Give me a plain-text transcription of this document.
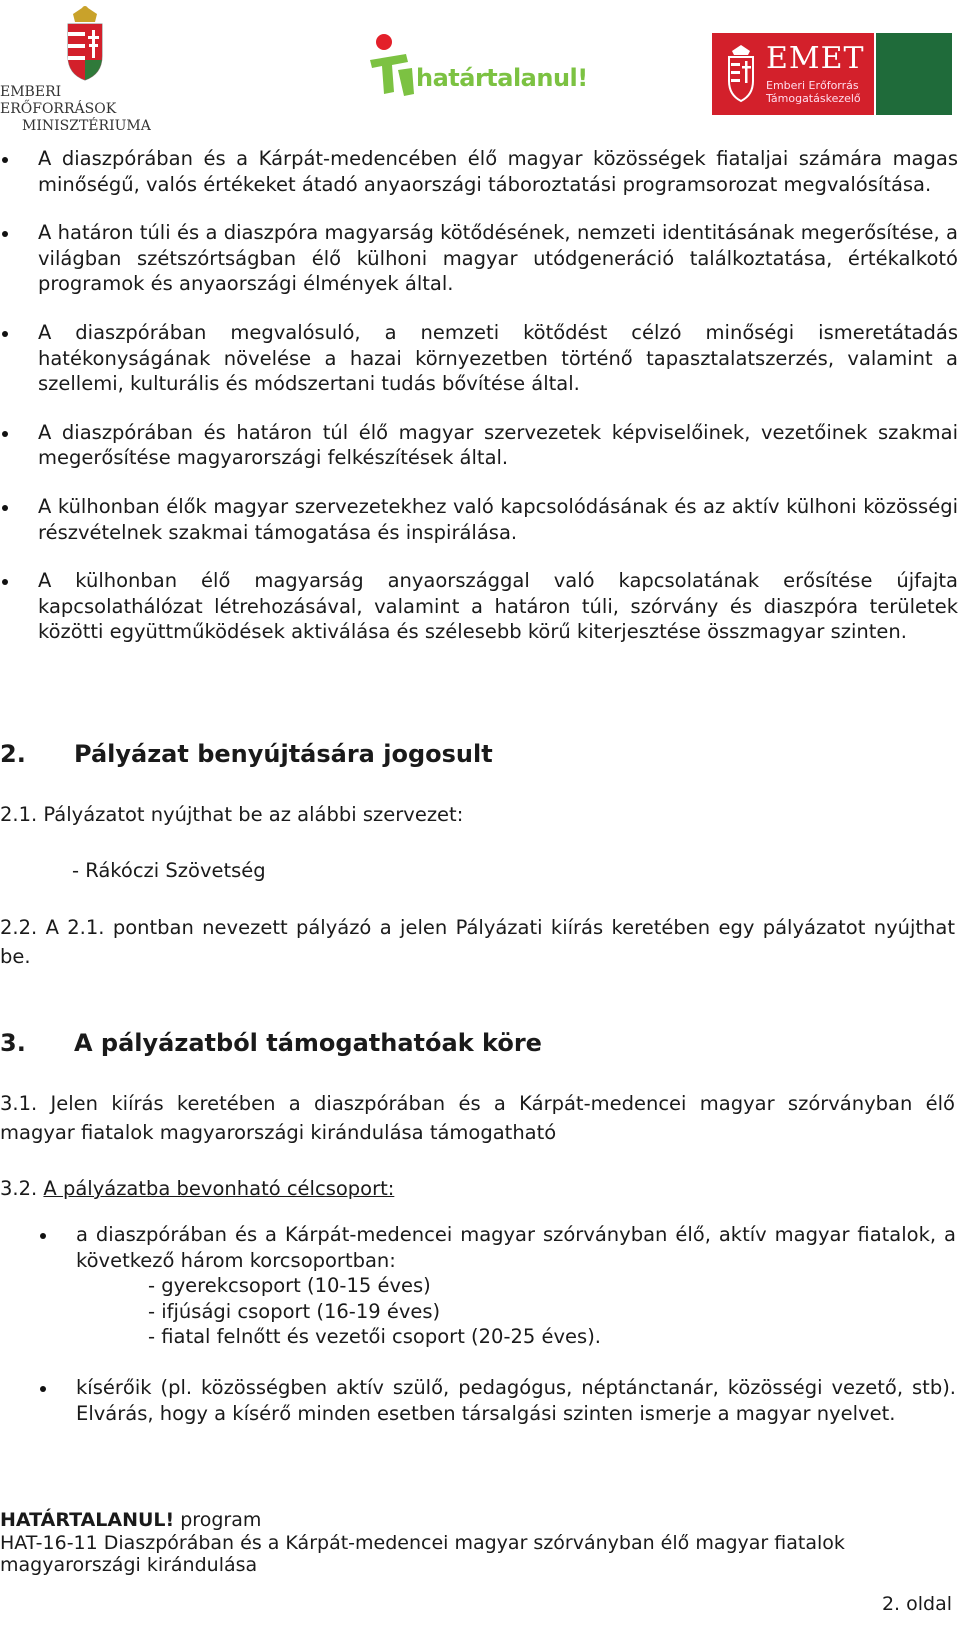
EMBERI ERŐFORRÁSOK
MINISZTÉRIUMA
határtalanul!
EMET
Emberi Erőforrás
Támogatáskezelő
A diaszpórában és a Kárpát-medencében élő magyar közösségek fiataljai számára magas minőségű, valós értékeket átadó anyaországi táboroztatási programsorozat megvalósítása.
A határon túli és a diaszpóra magyarság kötődésének, nemzeti identitásának megerősítése, a világban szétszórtságban élő külhoni magyar utódgeneráció találkoztatása, értékalkotó programok és anyaországi élmények által.
A diaszpórában megvalósuló, a nemzeti kötődést célzó minőségi ismeretátadás hatékonyságának növelése a hazai környezetben történő tapasztalatszerzés, valamint a szellemi, kulturális és módszertani tudás bővítése által.
A diaszpórában és határon túl élő magyar szervezetek képviselőinek, vezetőinek szakmai megerősítése magyarországi felkészítések által.
A külhonban élők magyar szervezetekhez való kapcsolódásának és az aktív külhoni közösségi részvételnek szakmai támogatása és inspirálása.
A külhonban élő magyarság anyaországgal való kapcsolatának erősítése újfajta kapcsolathálózat létrehozásával, valamint a határon túli, szórvány és diaszpóra területek közötti együttműködések aktiválása és szélesebb körű kiterjesztése összmagyar szinten.
2. Pályázat benyújtására jogosult
2.1. Pályázatot nyújthat be az alábbi szervezet:
- Rákóczi Szövetség
2.2. A 2.1. pontban nevezett pályázó a jelen Pályázati kiírás keretében egy pályázatot nyújthat be.
3. A pályázatból támogathatóak köre
3.1. Jelen kiírás keretében a diaszpórában és a Kárpát-medencei magyar szórványban élő magyar fiatalok magyarországi kirándulása támogatható
3.2. A pályázatba bevonható célcsoport:
a diaszpórában és a Kárpát-medencei magyar szórványban élő, aktív magyar fiatalok, a következő három korcsoportban:
- gyerekcsoport (10-15 éves)
- ifjúsági csoport (16-19 éves)
- fiatal felnőtt és vezetői csoport (20-25 éves).
kísérőik (pl. közösségben aktív szülő, pedagógus, néptánctanár, közösségi vezető, stb). Elvárás, hogy a kísérő minden esetben társalgási szinten ismerje a magyar nyelvet.
HATÁRTALANUL! program
HAT-16-11 Diaszpórában és a Kárpát-medencei magyar szórványban élő magyar fiatalok
magyarországi kirándulása
2. oldal
